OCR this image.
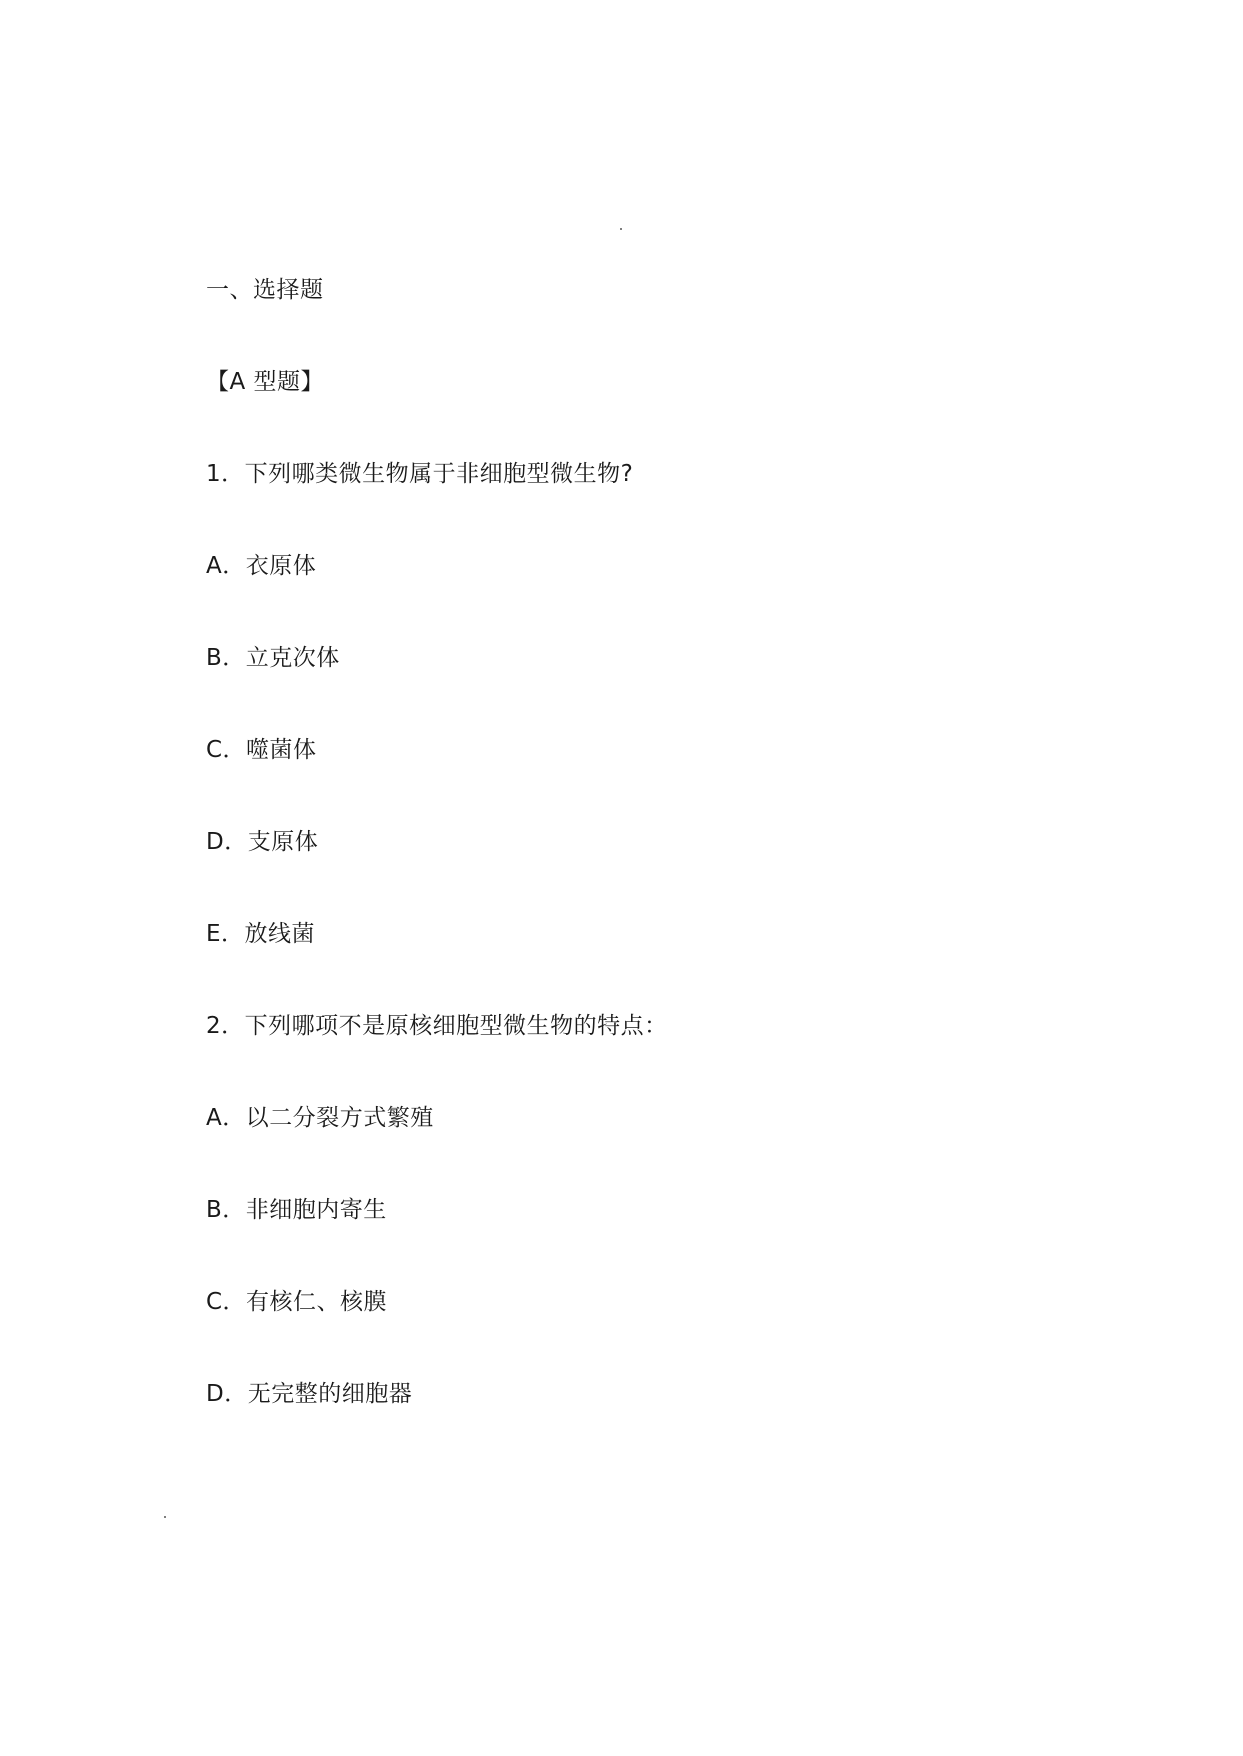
一、选择题
【A 型题】
1．下列哪类微生物属于非细胞型微生物?
A．衣原体
B．立克次体
C．噬菌体
D．支原体
E．放线菌
2．下列哪项不是原核细胞型微生物的特点：
A．以二分裂方式繁殖
B．非细胞内寄生
C．有核仁、核膜
D．无完整的细胞器
